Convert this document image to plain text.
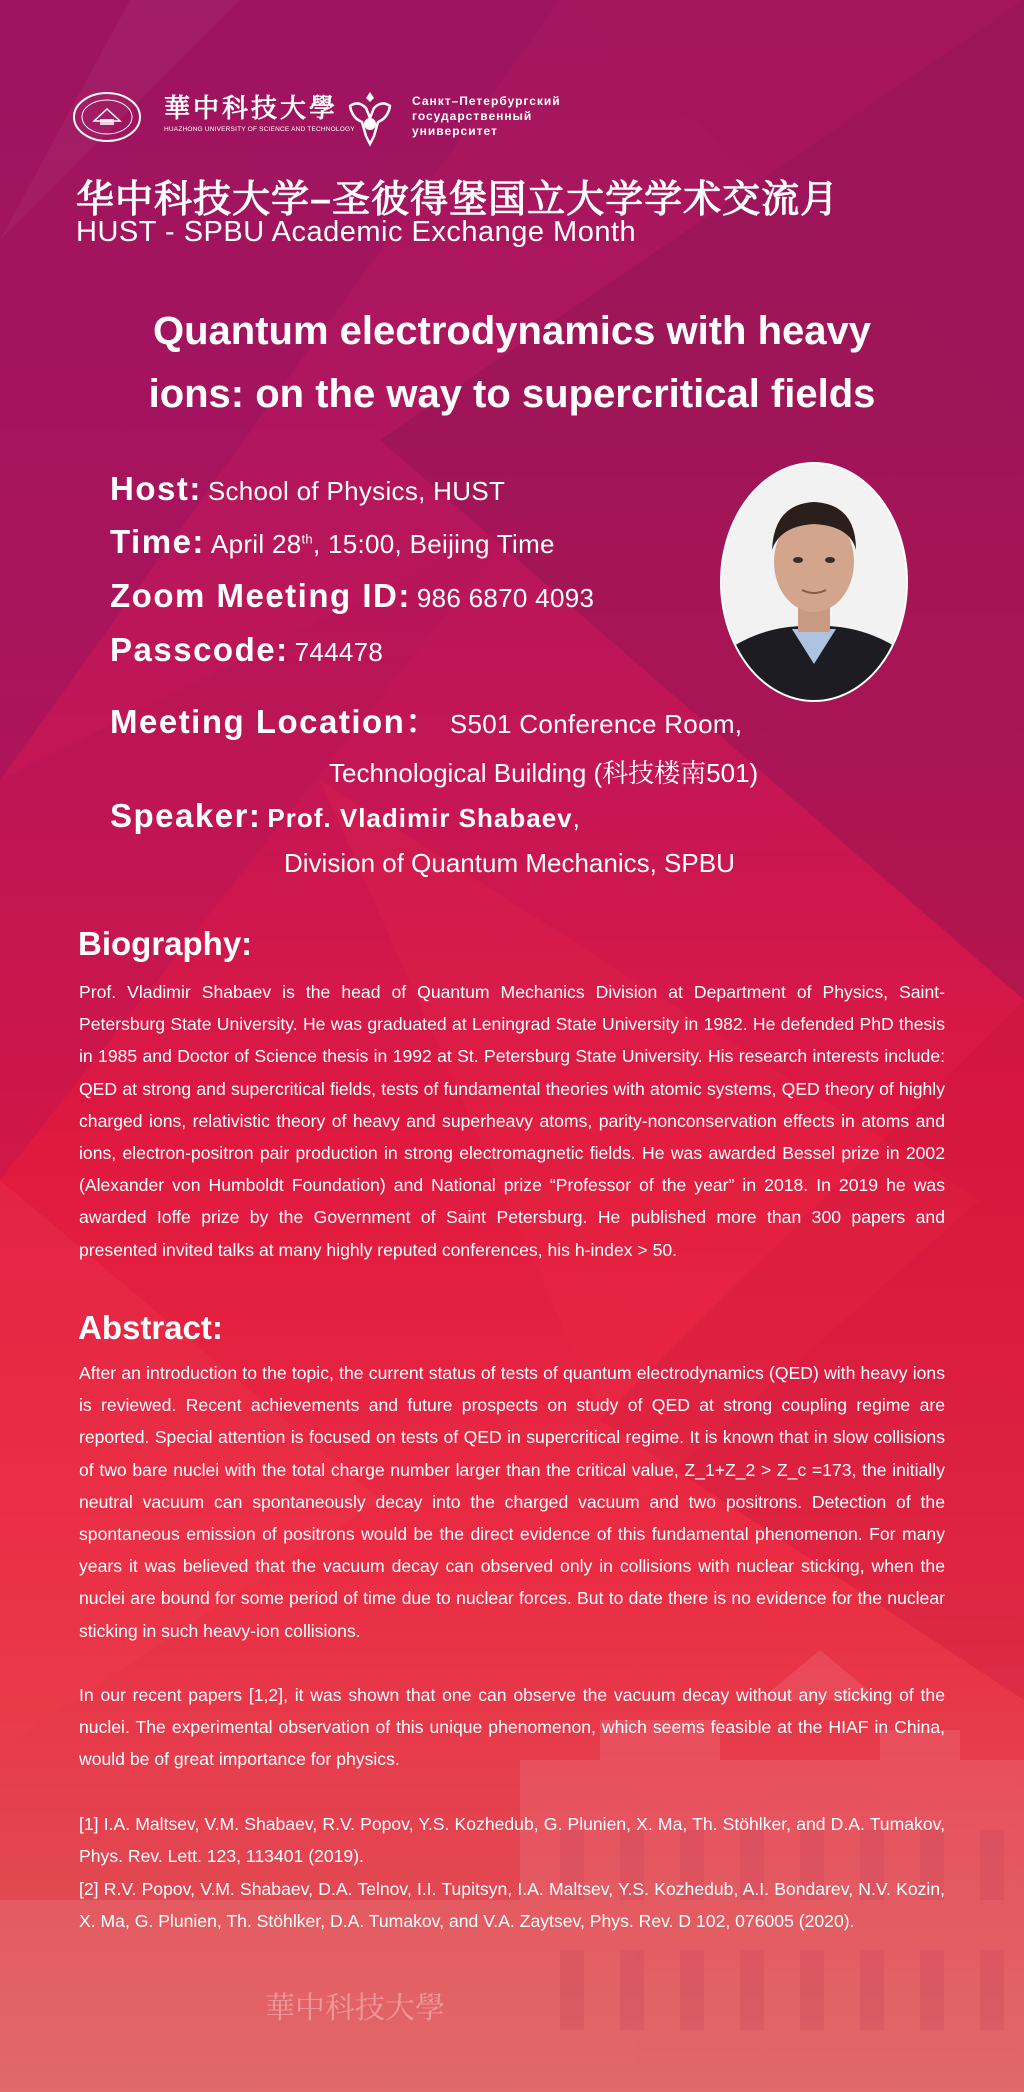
華中科技大學
華中科技大學
HUAZHONG UNIVERSITY OF SCIENCE AND TECHNOLOGY
Санкт–Петербургский
государственный
университет
华中科技大学–圣彼得堡国立大学学术交流月
HUST - SPBU Academic Exchange Month
Quantum electrodynamics with heavy
ions: on the way to supercritical fields
Host: School of Physics, HUST
Time: April 28th, 15:00, Beijing Time
Zoom Meeting ID: 986 6870 4093
Passcode: 744478
Meeting Location： S501 Conference Room,
Technological Building (科技楼南501)
Speaker: Prof. Vladimir Shabaev,
Division of Quantum Mechanics, SPBU
Biography:

Prof. Vladimir Shabaev is the head of Quantum Mechanics Division at Department of Physics, Saint-Petersburg State University. He was graduated at Leningrad State University in 1982. He defended PhD thesis in 1985 and Doctor of Science thesis in 1992 at St. Petersburg State University. His research interests include: QED at strong and supercritical fields, tests of fundamental theories with atomic systems, QED theory of highly charged ions, relativistic theory of heavy and superheavy atoms, parity-nonconservation effects in atoms and ions, electron-positron pair production in strong electromagnetic fields. He was awarded Bessel prize in 2002 (Alexander von Humboldt Foundation) and National prize “Professor of the year” in 2018. In 2019 he was awarded Ioffe prize by the Government of Saint Petersburg. He published more than 300 papers and presented invited talks at many highly reputed conferences, his h-index > 50.

Abstract:

After an introduction to the topic, the current status of tests of quantum electrodynamics (QED) with heavy ions is reviewed. Recent achievements and future prospects on study of QED at strong coupling regime are reported. Special attention is focused on tests of QED in supercritical regime. It is known that in slow collisions of two bare nuclei with the total charge number larger than the critical value, Z_1+Z_2 > Z_c =173, the initially neutral vacuum can spontaneously decay into the charged vacuum and two positrons. Detection of the spontaneous emission of positrons would be the direct evidence of this fundamental phenomenon. For many years it was believed that the vacuum decay can observed only in collisions with nuclear sticking, when the nuclei are bound for some period of time due to nuclear forces. But to date there is no evidence for the nuclear sticking in such heavy-ion collisions.

In our recent papers [1,2], it was shown that one can observe the vacuum decay without any sticking of the nuclei. The experimental observation of this unique phenomenon, which seems feasible at the HIAF in China, would be of great importance for physics.

[1] I.A. Maltsev, V.M. Shabaev, R.V. Popov, Y.S. Kozhedub, G. Plunien, X. Ma, Th. Stöhlker, and D.A. Tumakov, Phys. Rev. Lett. 123, 113401 (2019).

[2] R.V. Popov, V.M. Shabaev, D.A. Telnov, I.I. Tupitsyn, I.A. Maltsev, Y.S. Kozhedub, A.I. Bondarev, N.V. Kozin, X. Ma, G. Plunien, Th. Stöhlker, D.A. Tumakov, and V.A. Zaytsev, Phys. Rev. D 102, 076005 (2020).
